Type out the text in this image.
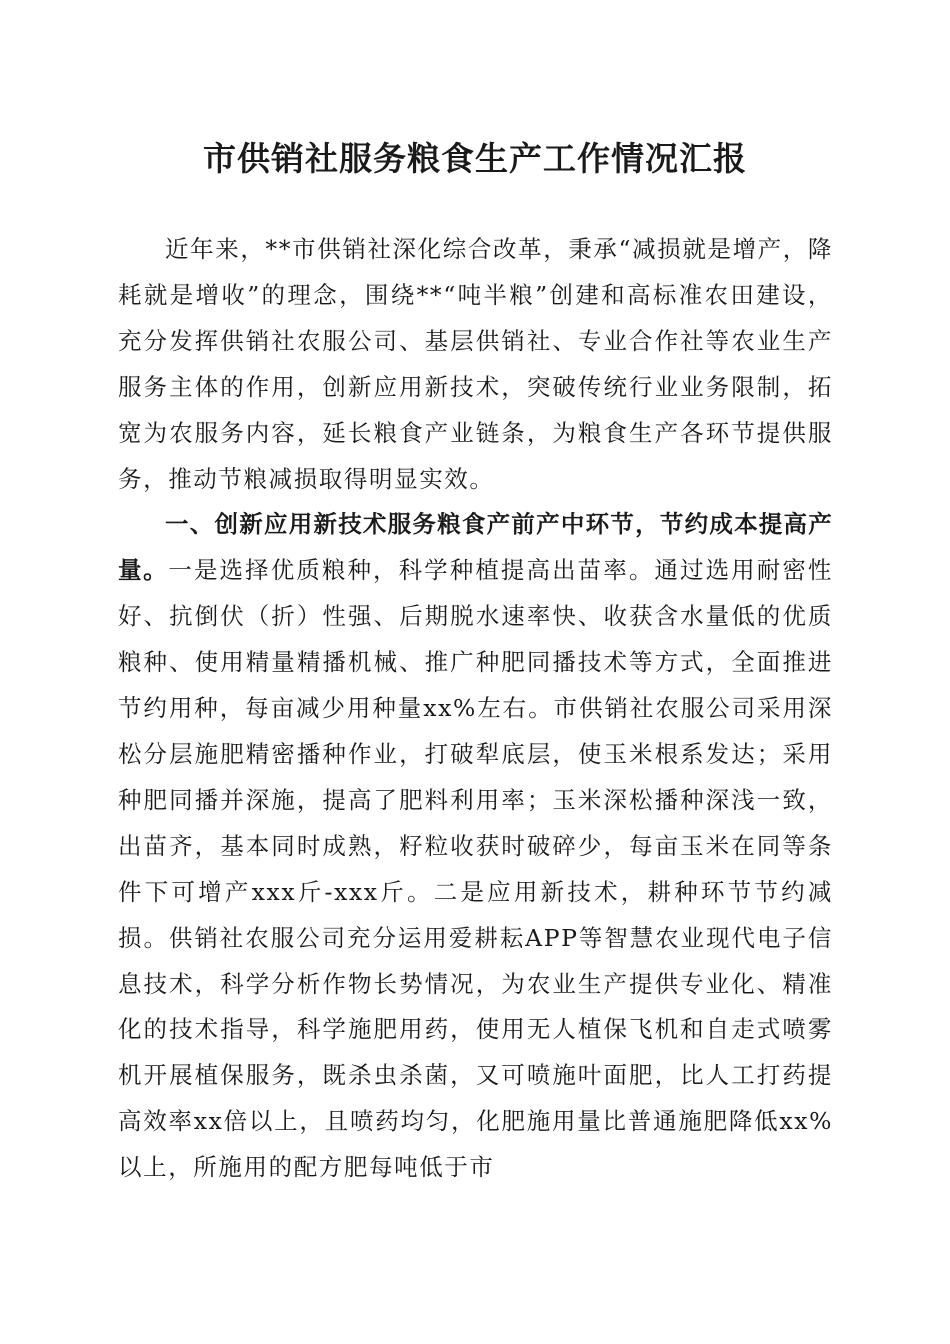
市供销社服务粮食生产工作情况汇报

近年来，**市供销社深化综合改革，秉承“减损就是增产，降耗就是增收”的理念，围绕**“吨半粮”创建和高标准农田建设，充分发挥供销社农服公司、基层供销社、专业合作社等农业生产服务主体的作用，创新应用新技术，突破传统行业业务限制，拓宽为农服务内容，延长粮食产业链条，为粮食生产各环节提供服务，推动节粮减损取得明显实效。

一、创新应用新技术服务粮食产前产中环节，节约成本提高产量。一是选择优质粮种，科学种植提高出苗率。通过选用耐密性好、抗倒伏（折）性强、后期脱水速率快、收获含水量低的优质粮种、使用精量精播机械、推广种肥同播技术等方式，全面推进节约用种，每亩减少用种量xx%左右。市供销社农服公司采用深松分层施肥精密播种作业，打破犁底层，使玉米根系发达；采用种肥同播并深施，提高了肥料利用率；玉米深松播种深浅一致，出苗齐，基本同时成熟，籽粒收获时破碎少，每亩玉米在同等条件下可增产xxx斤-xxx斤。二是应用新技术，耕种环节节约减损。供销社农服公司充分运用爱耕耘APP等智慧农业现代电子信息技术，科学分析作物长势情况，为农业生产提供专业化、精准化的技术指导，科学施肥用药，使用无人植保飞机和自走式喷雾机开展植保服务，既杀虫杀菌，又可喷施叶面肥，比人工打药提高效率xx倍以上，且喷药均匀，化肥施用量比普通施肥降低xx%以上，所施用的配方肥每吨低于市
